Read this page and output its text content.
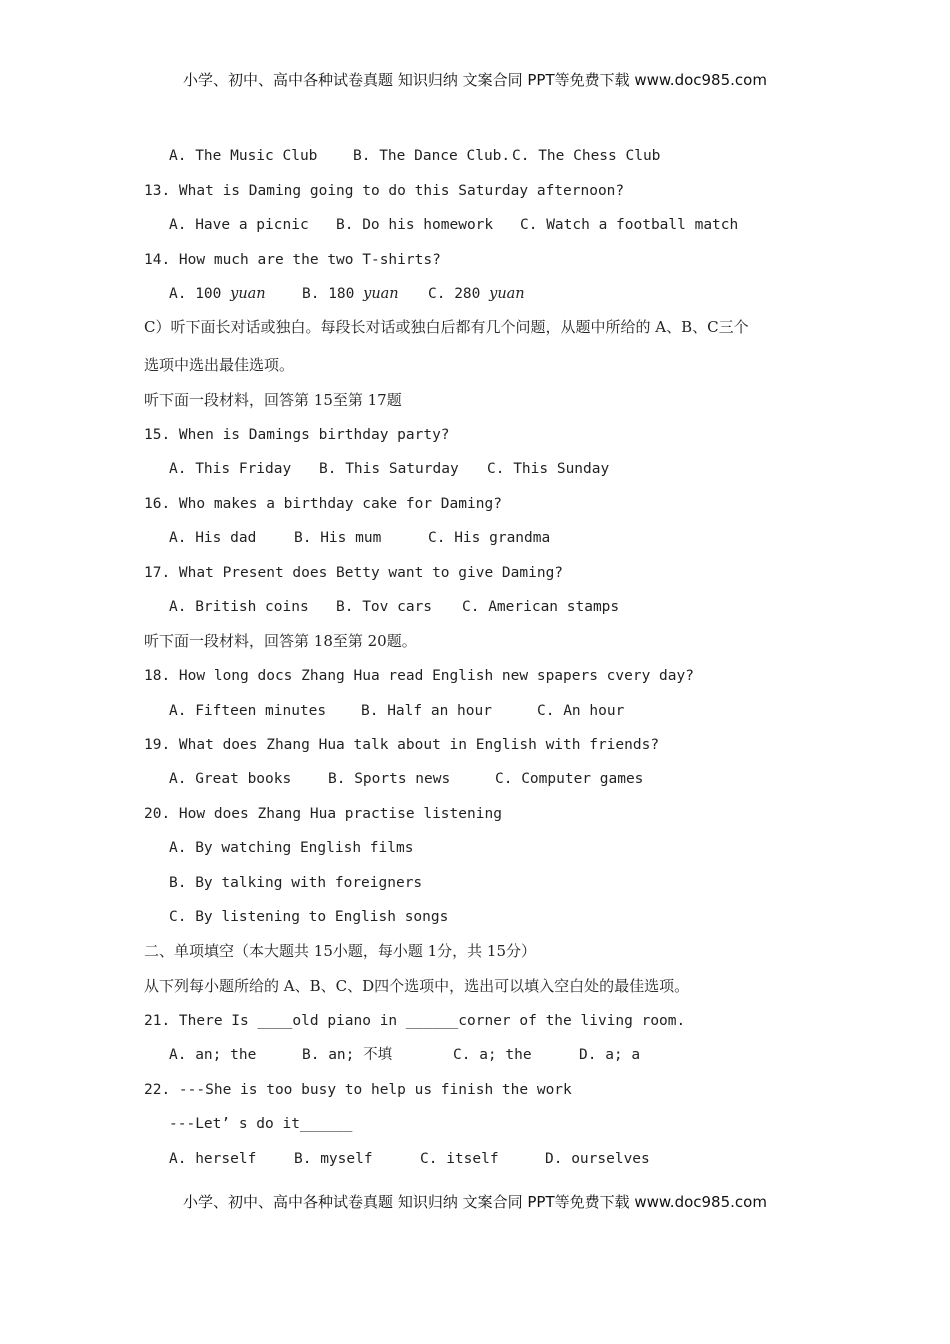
小学、初中、高中各种试卷真题 知识归纳 文案合同 PPT等免费下载 www.doc985.com

A. The Music Club

B. The Dance Club.

C. The Chess Club

13. What is Daming going to do this Saturday afternoon?

A. Have a picnic

B. Do his homework

C. Watch a football match

14. How much are the two T-shirts?

A. 100 yuan

	B. 180 yuan

C. 280 yuan

C）听下面长对话或独白。每段长对话或独白后都有几个问题，从题中所给的 A、B、C三个
选项中选出最佳选项。
听下面一段材料，回答第 15至第 17题
15. When is Damings birthday party?

A. This Friday

B. This Saturday

C. This Sunday

16. Who makes a birthday cake for Daming?

A. His dad

	B. His mum

	C. His grandma

17. What Present does Betty want to give Daming?

A. British coins

B. Tov cars

C. American stamps

听下面一段材料，回答第 18至第 20题。
18. How long docs Zhang Hua read English new spapers cvery day?

A. Fifteen minutes

B. Half an hour

	C. An hour

19. What does Zhang Hua talk about in English with friends?

A. Great books

	B. Sports news

	C. Computer games

20. How does Zhang Hua practise listening
A. By watching English films
B. By talking with foreigners
C. By listening to English songs
二、单项填空（本大题共 15小题，每小题 1分，共 15分）
从下列每小题所给的 A、B、C、D四个选项中，选出可以填入空白处的最佳选项。
21. There Is ____old piano in ______corner of the living room.

A. an; the

	B. an; 不填

	C. a; the

	D. a; a

22. ---She is too busy to help us finish the work
---Let’ s do it______

A. herself

	B. myself

	C. itself

	D. ourselves

小学、初中、高中各种试卷真题 知识归纳 文案合同 PPT等免费下载 www.doc985.com
